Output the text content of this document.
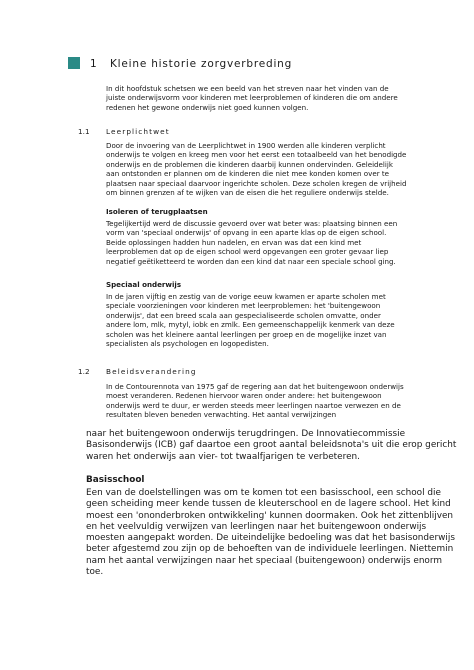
1 Kleine historie zorgverbreding

In dit hoofdstuk schetsen we een beeld van het streven naar het vinden van de

juiste onderwijsvorm voor kinderen met leerproblemen of kinderen die om andere

redenen het gewone onderwijs niet goed kunnen volgen.

1.1 Leerplichtwet

Door de invoering van de Leerplichtwet in 1900 werden alle kinderen verplicht

onderwijs te volgen en kreeg men voor het eerst een totaalbeeld van het benodigde

onderwijs en de problemen die kinderen daarbij kunnen ondervinden. Geleidelijk

aan ontstonden er plannen om de kinderen die niet mee konden komen over te

plaatsen naar speciaal daarvoor ingerichte scholen. Deze scholen kregen de vrijheid

om binnen grenzen af te wijken van de eisen die het reguliere onderwijs stelde.

Isoleren of terugplaatsen

Tegelijkertijd werd de discussie gevoerd over wat beter was: plaatsing binnen een

vorm van 'speciaal onderwijs' of opvang in een aparte klas op de eigen school.

Beide oplossingen hadden hun nadelen, en ervan was dat een kind met

leerproblemen dat op de eigen school werd opgevangen een groter gevaar liep

negatief geëtiketteerd te worden dan een kind dat naar een speciale school ging.

Speciaal onderwijs

In de jaren vijftig en zestig van de vorige eeuw kwamen er aparte scholen met

speciale voorzieningen voor kinderen met leerproblemen: het 'buitengewoon

onderwijs', dat een breed scala aan gespecialiseerde scholen omvatte, onder

andere lom, mlk, mytyl, iobk en zmlk. Een gemeenschappelijk kenmerk van deze

scholen was het kleinere aantal leerlingen per groep en de mogelijke inzet van

specialisten als psychologen en logopedisten.

1.2 Beleidsverandering

In de Contourennota van 1975 gaf de regering aan dat het buitengewoon onderwijs

moest veranderen. Redenen hiervoor waren onder andere: het buitengewoon

onderwijs werd te duur, er werden steeds meer leerlingen naartoe verwezen en de

resultaten bleven beneden verwachting. Het aantal verwijzingen

naar het buitengewoon onderwijs terugdringen. De Innovatiecommissie

Basisonderwijs (ICB) gaf daartoe een groot aantal beleidsnota's uit die erop gericht

waren het onderwijs aan vier- tot twaalfjarigen te verbeteren.

Basisschool

Een van de doelstellingen was om te komen tot een basisschool, een school die

geen scheiding meer kende tussen de kleuterschool en de lagere school. Het kind

moest een 'ononderbroken ontwikkeling' kunnen doormaken. Ook het zittenblijven

en het veelvuldig verwijzen van leerlingen naar het buitengewoon onderwijs

moesten aangepakt worden. De uiteindelijke bedoeling was dat het basisonderwijs

beter afgestemd zou zijn op de behoeften van de individuele leerlingen. Niettemin

nam het aantal verwijzingen naar het speciaal (buitengewoon) onderwijs enorm

toe.
